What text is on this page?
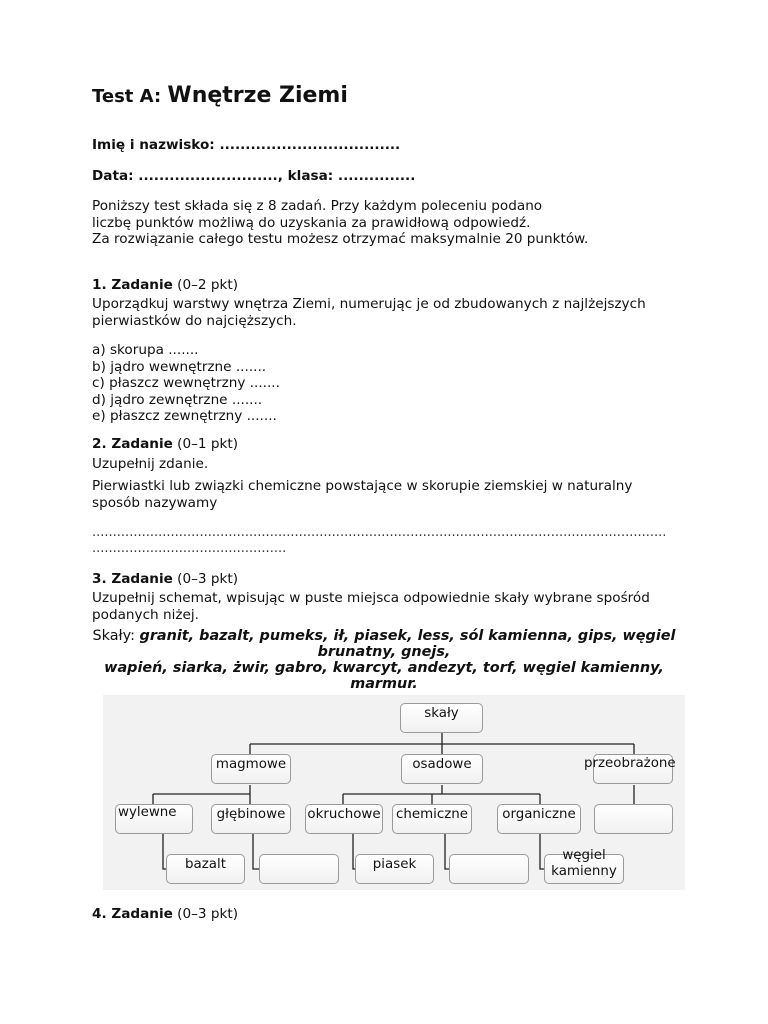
Test A: Wnętrze Ziemi
Imię i nazwisko: ...................................
Data: ..........................., klasa: ...............
Poniższy test składa się z 8 zadań. Przy każdym poleceniu podano
liczbę punktów możliwą do uzyskania za prawidłową odpowiedź.
Za rozwiązanie całego testu możesz otrzymać maksymalnie 20 punktów.
1. Zadanie (0–2 pkt)
Uporządkuj warstwy wnętrza Ziemi, numerując je od zbudowanych z najlżejszych
pierwiastków do najcięższych.
a) skorupa .......
b) jądro wewnętrzne .......
c) płaszcz wewnętrzny .......
d) jądro zewnętrzne .......
e) płaszcz zewnętrzny .......
2. Zadanie (0–1 pkt)
Uzupełnij zdanie.
Pierwiastki lub związki chemiczne powstające w skorupie ziemskiej w naturalny
sposób nazywamy
...........................................................................................................................................
...............................................
3. Zadanie (0–3 pkt)
Uzupełnij schemat, wpisując w puste miejsca odpowiednie skały wybrane spośród
podanych niżej.
Skały: granit, bazalt, pumeks, ił, piasek, less, sól kamienna, gips, węgiel
brunatny, gnejs,
wapień, siarka, żwir, gabro, kwarcyt, andezyt, torf, węgiel kamienny,
marmur.
skały
magmowe	osadowe	przeobrażone
wylewne	głębinowe	okruchowe chemiczne	organiczne
bazalt	piasek
węgiel
kamienny
4. Zadanie (0–3 pkt)
